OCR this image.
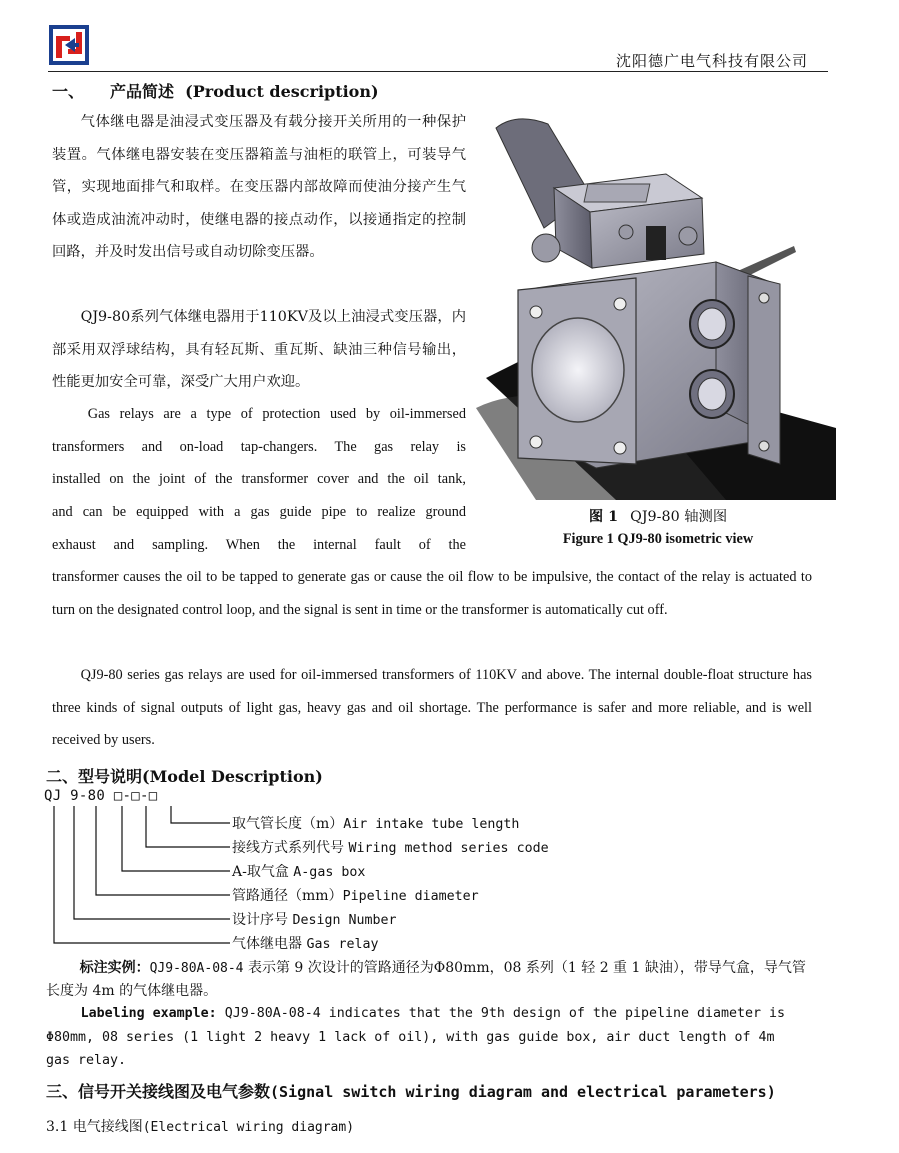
沈阳德广电气科技有限公司
一、 产品简述 (Product description)
气体继电器是油浸式变压器及有载分接开关所用的一种保护装置。气体继电器安装在变压器箱盖与油柜的联管上，可装导气管，实现地面排气和取样。在变压器内部故障而使油分接产生气体或造成油流冲动时，使继电器的接点动作，以接通指定的控制回路，并及时发出信号或自动切除变压器。
QJ9-80系列气体继电器用于110KV及以上油浸式变压器，内部采用双浮球结构，具有轻瓦斯、重瓦斯、缺油三种信号输出，性能更加安全可靠，深受广大用户欢迎。
Gas relays are a type of protection used by oil-immersed
transformers and on-load tap-changers. The gas relay is
installed on the joint of the transformer cover and the oil tank,
and can be equipped with a gas guide pipe to realize ground
exhaust and sampling. When the internal fault of the
transformer causes the oil to be tapped to generate gas or cause the oil flow to be impulsive, the contact of the relay is actuated to turn on the designated control loop, and the signal is sent in time or the transformer is automatically cut off.
QJ9-80 series gas relays are used for oil-immersed transformers of 110KV and above. The internal double-float structure has three kinds of signal outputs of light gas, heavy gas and oil shortage. The performance is safer and more reliable, and is well received by users.
图 1 QJ9-80 轴测图
Figure 1 QJ9-80 isometric view
二、型号说明(Model Description)
QJ 9-80 □-□-□
取气管长度（m）Air intake tube length
接线方式系列代号 Wiring method series code
A-取气盒 A-gas box
管路通径（mm）Pipeline diameter
设计序号 Design Number
气体继电器 Gas relay
标注实例：QJ9-80A-08-4 表示第 9 次设计的管路通径为Φ80mm，08 系列（1 轻 2 重 1 缺油），带导气盒，导气管长度为 4m 的气体继电器。
Labeling example: QJ9-80A-08-4 indicates that the 9th design of the pipeline diameter is Φ80mm, 08 series (1 light 2 heavy 1 lack of oil), with gas guide box, air duct length of 4m gas relay.
三、信号开关接线图及电气参数(Signal switch wiring diagram and electrical parameters)
3.1 电气接线图(Electrical wiring diagram)
